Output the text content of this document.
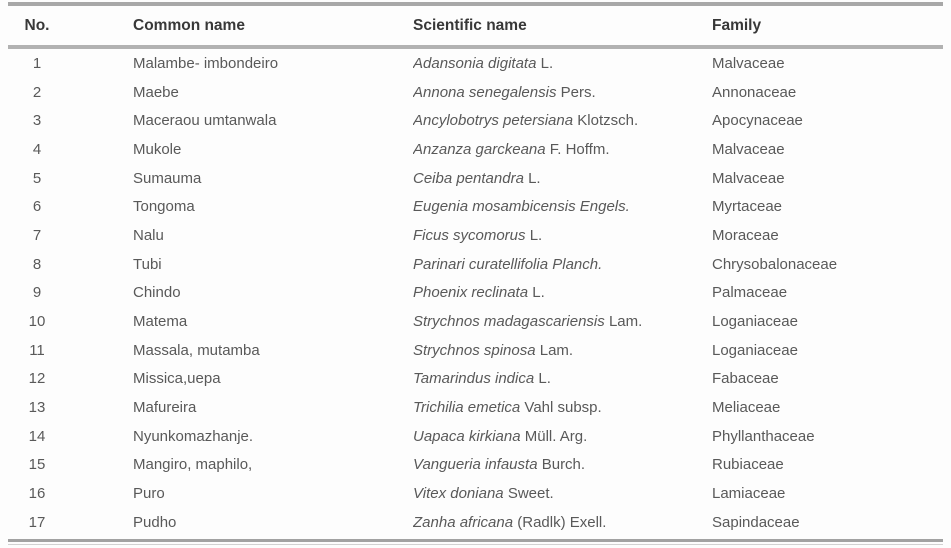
No.	Common name	Scientific name	Family
1	Malambe- imbondeiro	Adansonia digitata L.	Malvaceae
2	Maebe	Annona senegalensis Pers.	Annonaceae
3	Maceraou umtanwala	Ancylobotrys petersiana Klotzsch.	Apocynaceae
4	Mukole	Anzanza garckeana F. Hoffm.	Malvaceae
5	Sumauma	Ceiba pentandra L.	Malvaceae
6	Tongoma	Eugenia mosambicensis Engels.	Myrtaceae
7	Nalu	Ficus sycomorus L.	Moraceae
8	Tubi	Parinari curatellifolia Planch.	Chrysobalonaceae
9	Chindo	Phoenix reclinata L.	Palmaceae
10	Matema	Strychnos madagascariensis Lam.	Loganiaceae
11	Massala, mutamba	Strychnos spinosa Lam.	Loganiaceae
12	Missica,uepa	Tamarindus indica L.	Fabaceae
13	Mafureira	Trichilia emetica Vahl subsp.	Meliaceae
14	Nyunkomazhanje.	Uapaca kirkiana Müll. Arg.	Phyllanthaceae
15	Mangiro, maphilo,	Vangueria infausta Burch.	Rubiaceae
16	Puro	Vitex doniana Sweet.	Lamiaceae
17	Pudho	Zanha africana (Radlk) Exell.	Sapindaceae
